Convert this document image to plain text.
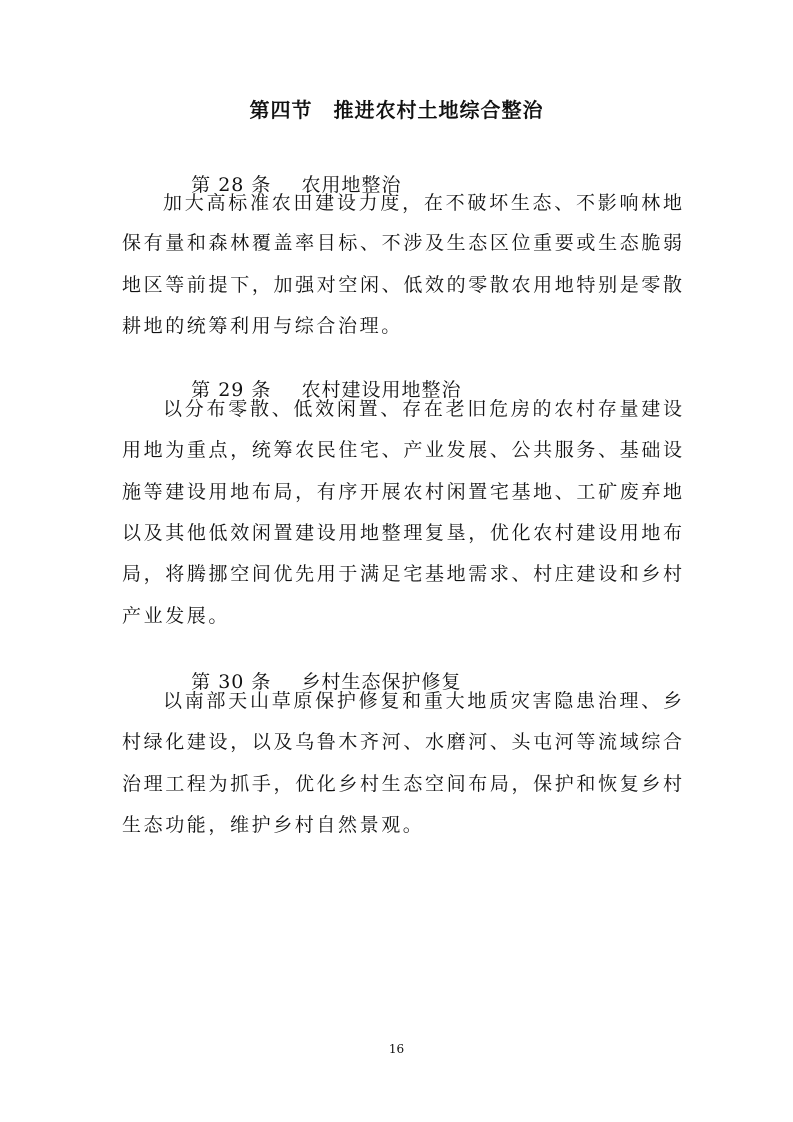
第四节　推进农村土地综合整治

第 28 条 农用地整治

加大高标准农田建设力度，在不破坏生态、不影响林地
保有量和森林覆盖率目标、不涉及生态区位重要或生态脆弱
地区等前提下，加强对空闲、低效的零散农用地特别是零散
耕地的统筹利用与综合治理。

第 29 条 农村建设用地整治

以分布零散、低效闲置、存在老旧危房的农村存量建设
用地为重点，统筹农民住宅、产业发展、公共服务、基础设
施等建设用地布局，有序开展农村闲置宅基地、工矿废弃地
以及其他低效闲置建设用地整理复垦，优化农村建设用地布
局，将腾挪空间优先用于满足宅基地需求、村庄建设和乡村
产业发展。

第 30 条 乡村生态保护修复

以南部天山草原保护修复和重大地质灾害隐患治理、乡
村绿化建设，以及乌鲁木齐河、水磨河、头屯河等流域综合
治理工程为抓手，优化乡村生态空间布局，保护和恢复乡村
生态功能，维护乡村自然景观。
16
